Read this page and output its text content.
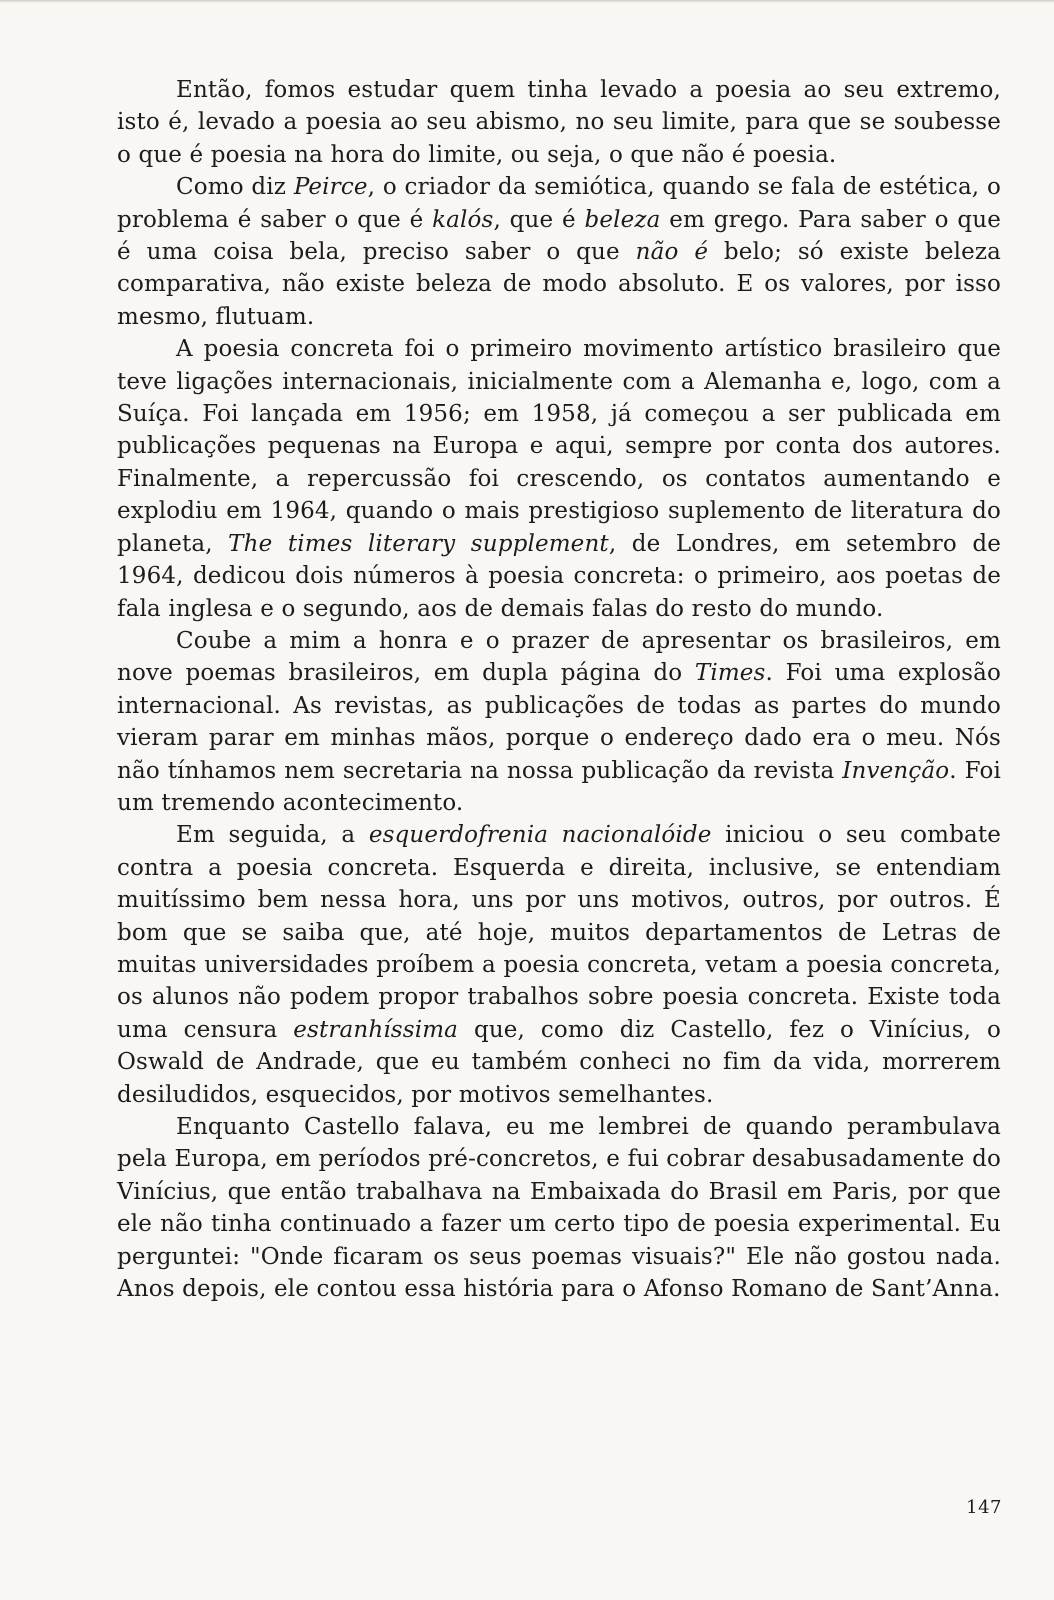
Então, fomos estudar quem tinha levado a poesia ao seu extremo, isto é, levado a poesia ao seu abismo, no seu limite, para que se soubesse o que é poesia na hora do limite, ou seja, o que não é poesia.

Como diz Peirce, o criador da semiótica, quando se fala de estética, o problema é saber o que é kalós, que é beleza em grego. Para saber o que é uma coisa bela, preciso saber o que não é belo; só existe beleza comparativa, não existe beleza de modo absoluto. E os valores, por isso mesmo, flutuam.

A poesia concreta foi o primeiro movimento artístico brasileiro que teve ligações internacionais, inicialmente com a Alemanha e, logo, com a Suíça. Foi lançada em 1956; em 1958, já começou a ser publicada em publicações pequenas na Europa e aqui, sempre por conta dos autores. Finalmente, a repercussão foi crescendo, os contatos aumentando e explodiu em 1964, quando o mais prestigioso suplemento de literatura do planeta, The times literary supplement, de Londres, em setembro de 1964, dedicou dois números à poesia concreta: o primeiro, aos poetas de fala inglesa e o segundo, aos de demais falas do resto do mundo.

Coube a mim a honra e o prazer de apresentar os brasileiros, em nove poemas brasileiros, em dupla página do Times. Foi uma explosão internacional. As revistas, as publicações de todas as partes do mundo vieram parar em minhas mãos, porque o endereço dado era o meu. Nós não tínhamos nem secretaria na nossa publicação da revista Invenção. Foi um tremendo acontecimento.

Em seguida, a esquerdofrenia nacionalóide iniciou o seu combate contra a poesia concreta. Esquerda e direita, inclusive, se entendiam muitíssimo bem nessa hora, uns por uns motivos, outros, por outros. É bom que se saiba que, até hoje, muitos departamentos de Letras de muitas universidades proíbem a poesia concreta, vetam a poesia concreta, os alunos não podem propor trabalhos sobre poesia concreta. Existe toda uma censura estranhíssima que, como diz Castello, fez o Vinícius, o Oswald de Andrade, que eu também conheci no fim da vida, morrerem desiludidos, esquecidos, por motivos semelhantes.

Enquanto Castello falava, eu me lembrei de quando perambulava pela Europa, em períodos pré-concretos, e fui cobrar desabusadamente do Vinícius, que então trabalhava na Embaixada do Brasil em Paris, por que ele não tinha continuado a fazer um certo tipo de poesia experimental. Eu perguntei: "Onde ficaram os seus poemas visuais?" Ele não gostou nada. Anos depois, ele contou essa história para o Afonso Romano de Sant’Anna.

147
